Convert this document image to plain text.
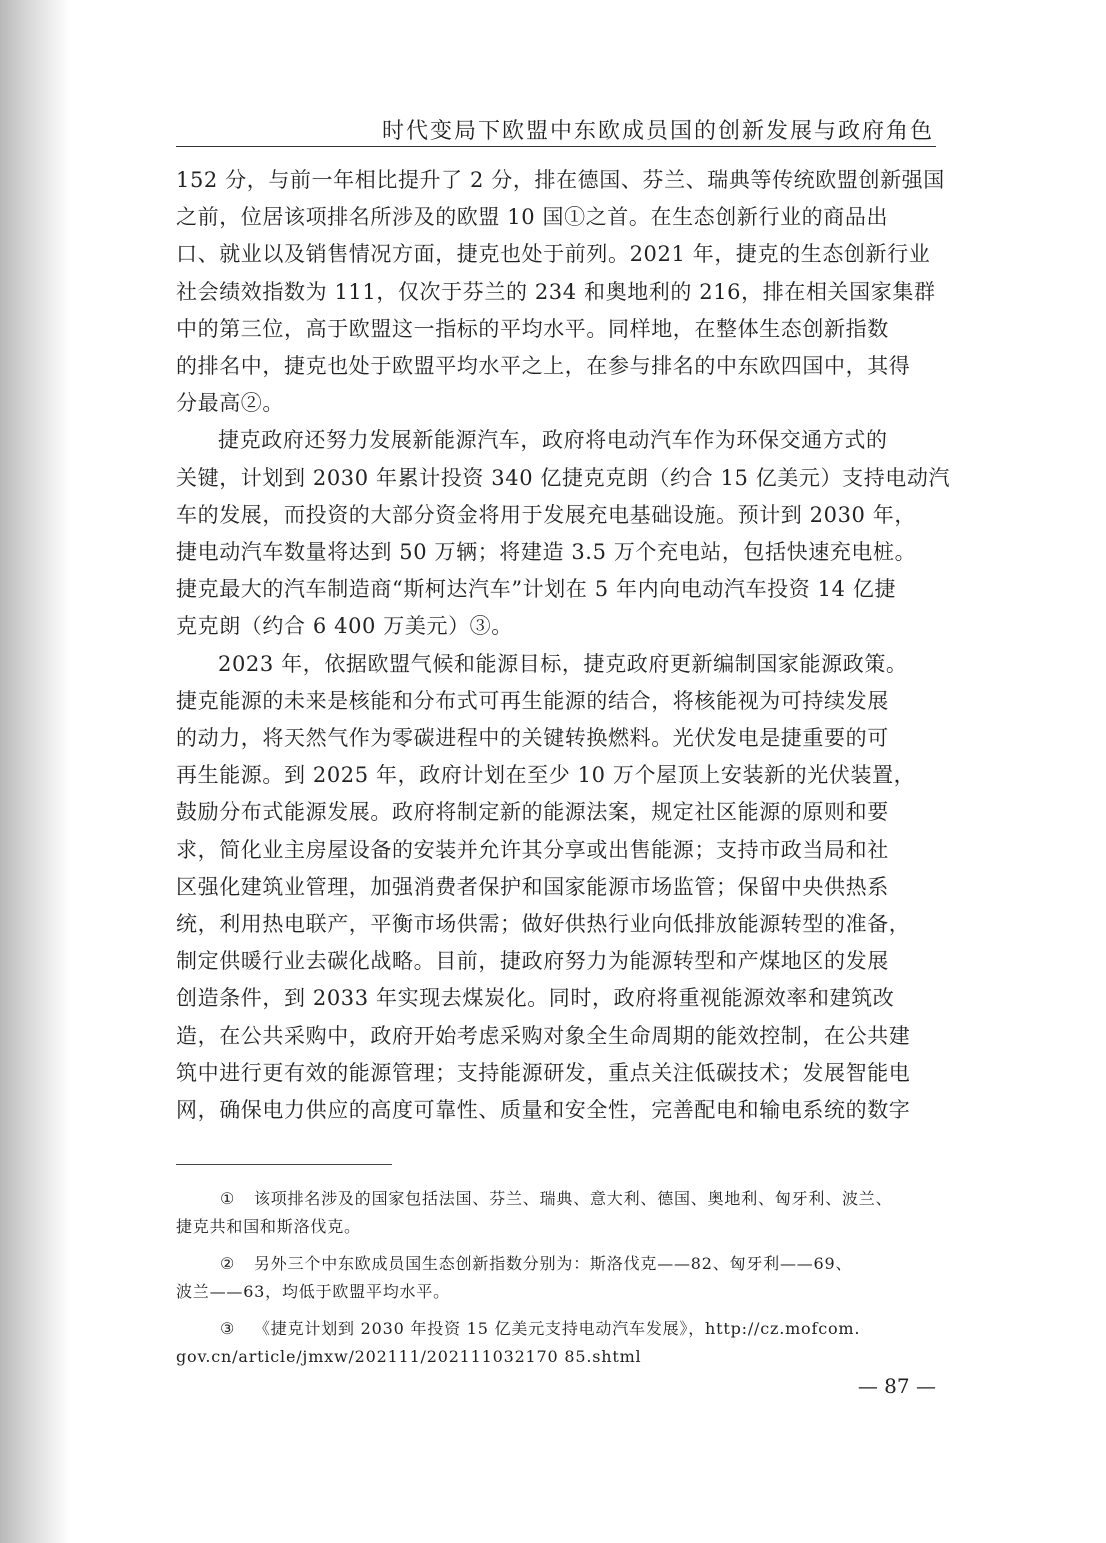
时代变局下欧盟中东欧成员国的创新发展与政府角色

152 分，与前一年相比提升了 2 分，排在德国、芬兰、瑞典等传统欧盟创新强国
之前，位居该项排名所涉及的欧盟 10 国①之首。在生态创新行业的商品出
口、就业以及销售情况方面，捷克也处于前列。2021 年，捷克的生态创新行业
社会绩效指数为 111，仅次于芬兰的 234 和奥地利的 216，排在相关国家集群
中的第三位，高于欧盟这一指标的平均水平。同样地，在整体生态创新指数
的排名中，捷克也处于欧盟平均水平之上，在参与排名的中东欧四国中，其得
分最高②。

捷克政府还努力发展新能源汽车，政府将电动汽车作为环保交通方式的
关键，计划到 2030 年累计投资 340 亿捷克克朗（约合 15 亿美元）支持电动汽
车的发展，而投资的大部分资金将用于发展充电基础设施。预计到 2030 年，
捷电动汽车数量将达到 50 万辆；将建造 3.5 万个充电站，包括快速充电桩。
捷克最大的汽车制造商“斯柯达汽车”计划在 5 年内向电动汽车投资 14 亿捷
克克朗（约合 6 400 万美元）③。

2023 年，依据欧盟气候和能源目标，捷克政府更新编制国家能源政策。
捷克能源的未来是核能和分布式可再生能源的结合，将核能视为可持续发展
的动力，将天然气作为零碳进程中的关键转换燃料。光伏发电是捷重要的可
再生能源。到 2025 年，政府计划在至少 10 万个屋顶上安装新的光伏装置，
鼓励分布式能源发展。政府将制定新的能源法案，规定社区能源的原则和要
求，简化业主房屋设备的安装并允许其分享或出售能源；支持市政当局和社
区强化建筑业管理，加强消费者保护和国家能源市场监管；保留中央供热系
统，利用热电联产，平衡市场供需；做好供热行业向低排放能源转型的准备，
制定供暖行业去碳化战略。目前，捷政府努力为能源转型和产煤地区的发展
创造条件，到 2033 年实现去煤炭化。同时，政府将重视能源效率和建筑改
造，在公共采购中，政府开始考虑采购对象全生命周期的能效控制，在公共建
筑中进行更有效的能源管理；支持能源研发，重点关注低碳技术；发展智能电
网，确保电力供应的高度可靠性、质量和安全性，完善配电和输电系统的数字

① 该项排名涉及的国家包括法国、芬兰、瑞典、意大利、德国、奥地利、匈牙利、波兰、
捷克共和国和斯洛伐克。
② 另外三个中东欧成员国生态创新指数分别为：斯洛伐克——82、匈牙利——69、
波兰——63，均低于欧盟平均水平。
③ 《捷克计划到 2030 年投资 15 亿美元支持电动汽车发展》，http://cz.mofcom.
gov.cn/article/jmxw/202111/202111032170 85.shtml
— 87 —
